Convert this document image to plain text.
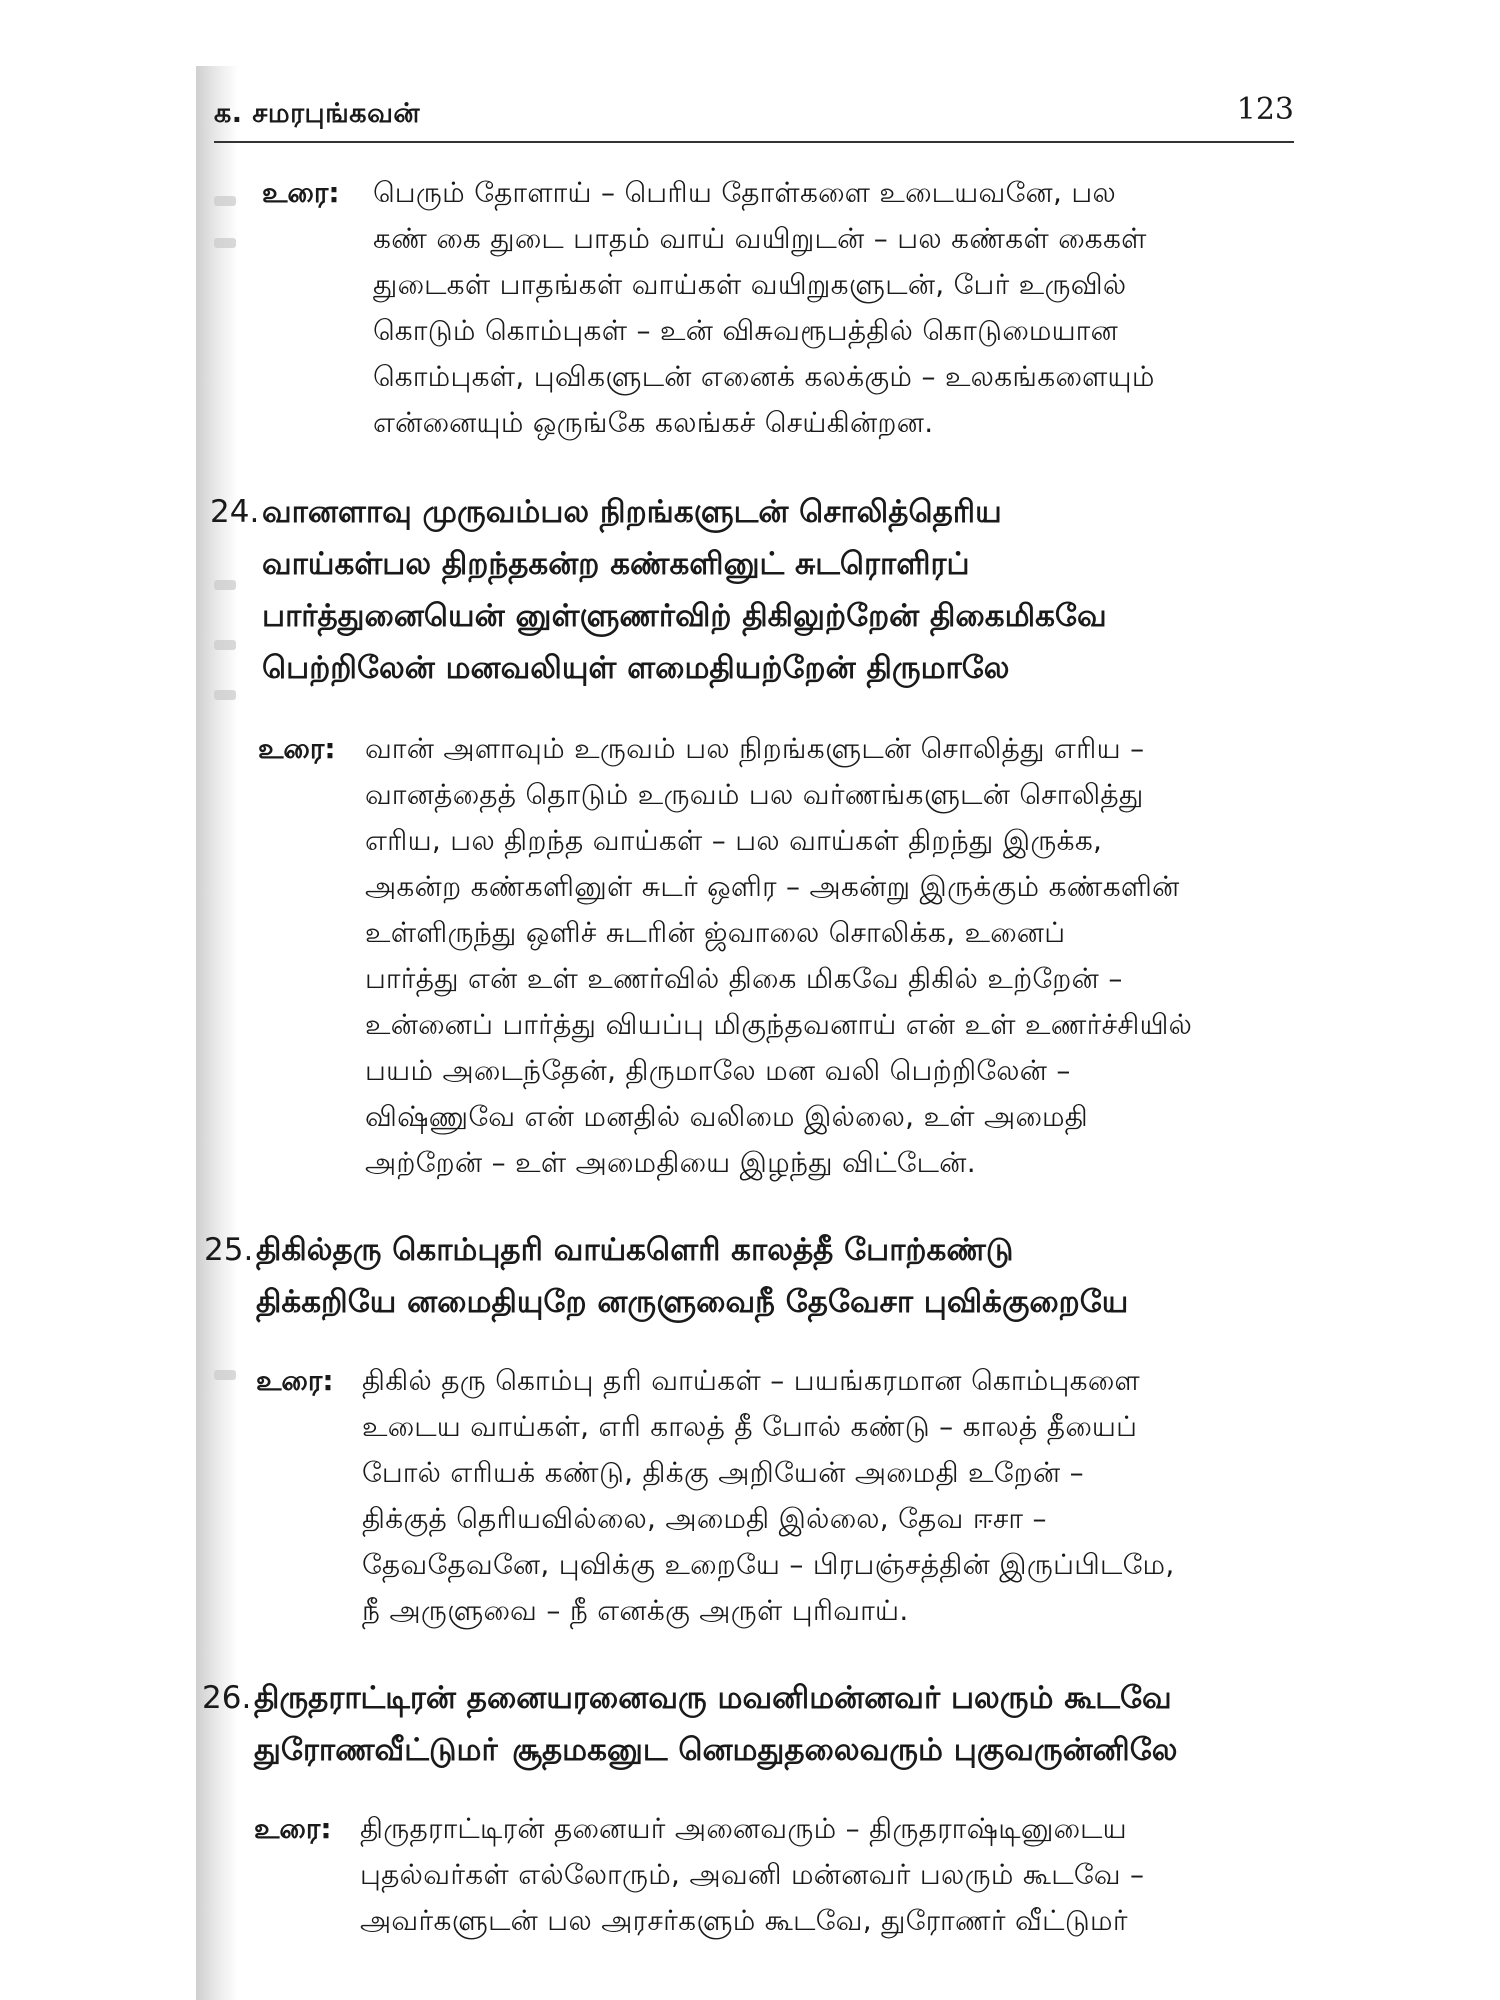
க. சமரபுங்கவன்	123
உரை: பெரும் தோளாய் – பெரிய தோள்களை உடையவனே, பல
கண் கை துடை பாதம் வாய் வயிறுடன் – பல கண்கள் கைகள்
துடைகள் பாதங்கள் வாய்கள் வயிறுகளுடன், பேர் உருவில்
கொடும் கொம்புகள் – உன் விசுவரூபத்தில் கொடுமையான
கொம்புகள், புவிகளுடன் எனைக் கலக்கும் – உலகங்களையும்
என்னையும் ஒருங்கே கலங்கச் செய்கின்றன.
24. வானளாவு முருவம்பல நிறங்களுடன் சொலித்தெரிய
வாய்கள்பல திறந்தகன்ற கண்களினுட் சுடரொளிரப்
பார்த்துனையென் னுள்ளுணர்விற் திகிலுற்றேன் திகைமிகவே
பெற்றிலேன் மனவலியுள் ளமைதியற்றேன் திருமாலே
உரை: வான் அளாவும் உருவம் பல நிறங்களுடன் சொலித்து எரிய –
வானத்தைத் தொடும் உருவம் பல வர்ணங்களுடன் சொலித்து
எரிய, பல திறந்த வாய்கள் – பல வாய்கள் திறந்து இருக்க,
அகன்ற கண்களினுள் சுடர் ஒளிர – அகன்று இருக்கும் கண்களின்
உள்ளிருந்து ஒளிச் சுடரின் ஜ்வாலை சொலிக்க, உனைப்
பார்த்து என் உள் உணர்வில் திகை மிகவே திகில் உற்றேன் –
உன்னைப் பார்த்து வியப்பு மிகுந்தவனாய் என் உள் உணர்ச்சியில்
பயம் அடைந்தேன், திருமாலே மன வலி பெற்றிலேன் –
விஷ்ணுவே என் மனதில் வலிமை இல்லை, உள் அமைதி
அற்றேன் – உள் அமைதியை இழந்து விட்டேன்.
25. திகில்தரு கொம்புதரி வாய்களெரி காலத்தீ போற்கண்டு
திக்கறியே னமைதியுறே னருளுவைநீ தேவேசா புவிக்குறையே
உரை: திகில் தரு கொம்பு தரி வாய்கள் – பயங்கரமான கொம்புகளை
உடைய வாய்கள், எரி காலத் தீ போல் கண்டு – காலத் தீயைப்
போல் எரியக் கண்டு, திக்கு அறியேன் அமைதி உறேன் –
திக்குத் தெரியவில்லை, அமைதி இல்லை, தேவ ஈசா –
தேவதேவனே, புவிக்கு உறையே – பிரபஞ்சத்தின் இருப்பிடமே,
நீ அருளுவை – நீ எனக்கு அருள் புரிவாய்.
26. திருதராட்டிரன் தனையரனைவரு மவனிமன்னவர் பலரும் கூடவே
துரோணவீட்டுமா் சூதமகனுட னெமதுதலைவரும் புகுவருன்னிலே
உரை: திருதராட்டிரன் தனையர் அனைவரும் – திருதராஷ்டினுடைய
புதல்வர்கள் எல்லோரும், அவனி மன்னவர் பலரும் கூடவே –
அவர்களுடன் பல அரசர்களும் கூடவே, துரோணர் வீட்டுமர்
